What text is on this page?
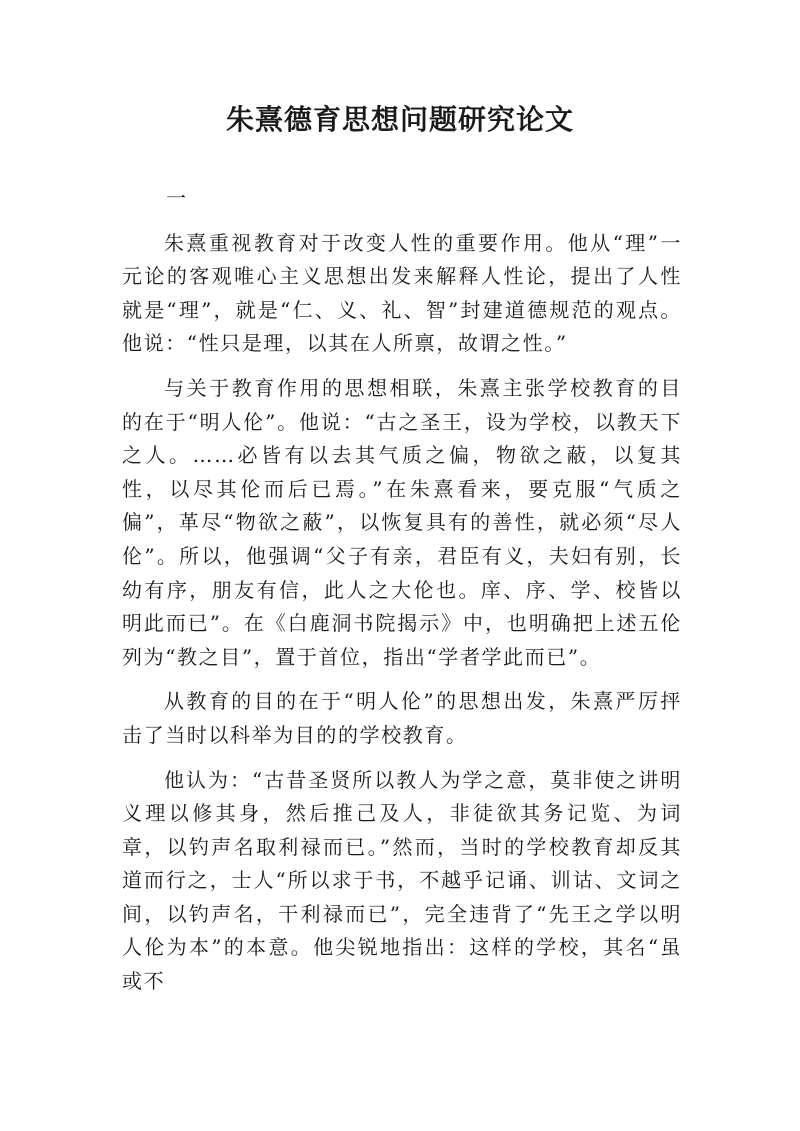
朱熹德育思想问题研究论文

一

朱熹重视教育对于改变人性的重要作用。他从“理”一元论的客观唯心主义思想出发来解释人性论，提出了人性就是“理”，就是“仁、义、礼、智”封建道德规范的观点。他说：“性只是理，以其在人所禀，故谓之性。”

与关于教育作用的思想相联，朱熹主张学校教育的目的在于“明人伦”。他说：“古之圣王，设为学校，以教天下之人。……必皆有以去其气质之偏，物欲之蔽，以复其性，以尽其伦而后已焉。”在朱熹看来，要克服“气质之偏”，革尽“物欲之蔽”，以恢复具有的善性，就必须“尽人伦”。所以，他强调“父子有亲，君臣有义，夫妇有别，长幼有序，朋友有信，此人之大伦也。庠、序、学、校皆以明此而已”。在《白鹿洞书院揭示》中，也明确把上述五伦列为“教之目”，置于首位，指出“学者学此而已”。

从教育的目的在于“明人伦”的思想出发，朱熹严厉抨击了当时以科举为目的的学校教育。

他认为：“古昔圣贤所以教人为学之意，莫非使之讲明义理以修其身，然后推己及人，非徒欲其务记览、为词章，以钓声名取利禄而已。”然而，当时的学校教育却反其道而行之，士人“所以求于书，不越乎记诵、训诂、文词之间，以钓声名，干利禄而已”，完全违背了“先王之学以明人伦为本”的本意。他尖锐地指出：这样的学校，其名“虽或不
